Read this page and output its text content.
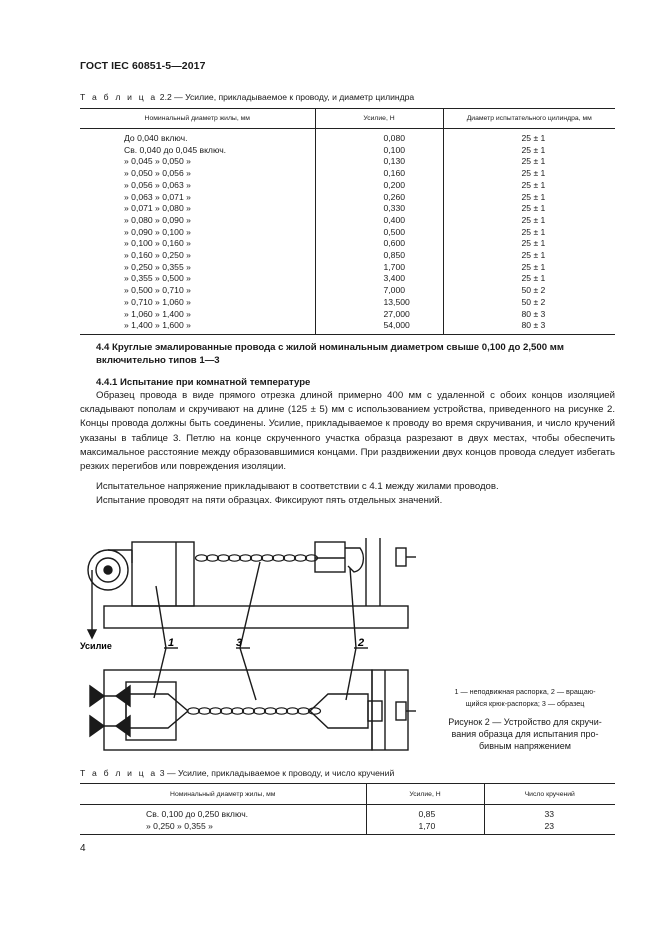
ГОСТ IEC 60851-5—2017
Т а б л и ц а 2.2 — Усилие, прикладываемое к проводу, и диаметр цилиндра
Номинальный диаметр жилы, мм	Усилие, Н	Диаметр испытательного цилиндра, мм
До 0,040 включ.	0,080	25 ± 1
Св. 0,040 до 0,045 включ.	0,100	25 ± 1
» 0,045 » 0,050 »	0,130	25 ± 1
» 0,050 » 0,056 »	0,160	25 ± 1
» 0,056 » 0,063 »	0,200	25 ± 1
» 0,063 » 0,071 »	0,260	25 ± 1
» 0,071 » 0,080 »	0,330	25 ± 1
» 0,080 » 0,090 »	0,400	25 ± 1
» 0,090 » 0,100 »	0,500	25 ± 1
» 0,100 » 0,160 »	0,600	25 ± 1
» 0,160 » 0,250 »	0,850	25 ± 1
» 0,250 » 0,355 »	1,700	25 ± 1
» 0,355 » 0,500 »	3,400	25 ± 1
» 0,500 » 0,710 »	7,000	50 ± 2
» 0,710 » 1,060 »	13,500	50 ± 2
» 1,060 » 1,400 »	27,000	80 ± 3
» 1,400 » 1,600 »	54,000	80 ± 3
4.4 Круглые эмалированные провода с жилой номинальным диаметром свыше 0,100 до 2,500 мм включительно типов 1—3
4.4.1 Испытание при комнатной температуре
Образец провода в виде прямого отрезка длиной примерно 400 мм с удаленной с обоих концов изоляцией складывают пополам и скручивают на длине (125 ± 5) мм с использованием устройства, приведенного на рисунке 2. Концы провода должны быть соединены. Усилие, прикладываемое к проводу во время скручивания, и число кручений указаны в таблице 3. Петлю на конце скрученного участка образца разрезают в двух местах, чтобы обеспечить максимальное расстояние между образовавшимися концами. При раздвижении двух концов провода следует избегать резких перегибов или повреждения изоляции.
Испытательное напряжение прикладывают в соответствии с 4.1 между жилами проводов.
Испытание проводят на пяти образцах. Фиксируют пять отдельных значений.
Усилие	1	3	2
1 — неподвижная распорка, 2 — вращаю-
щийся крюк-распорка; 3 — образец
Рисунок 2 — Устройство для скручи-
вания образца для испытания про-
бивным напряжением
Т а б л и ц а 3 — Усилие, прикладываемое к проводу, и число кручений
Номинальный диаметр жилы, мм	Усилие, Н	Число кручений
Св. 0,100 до 0,250 включ.	0,85	33
» 0,250 » 0,355 »	1,70	23
4
